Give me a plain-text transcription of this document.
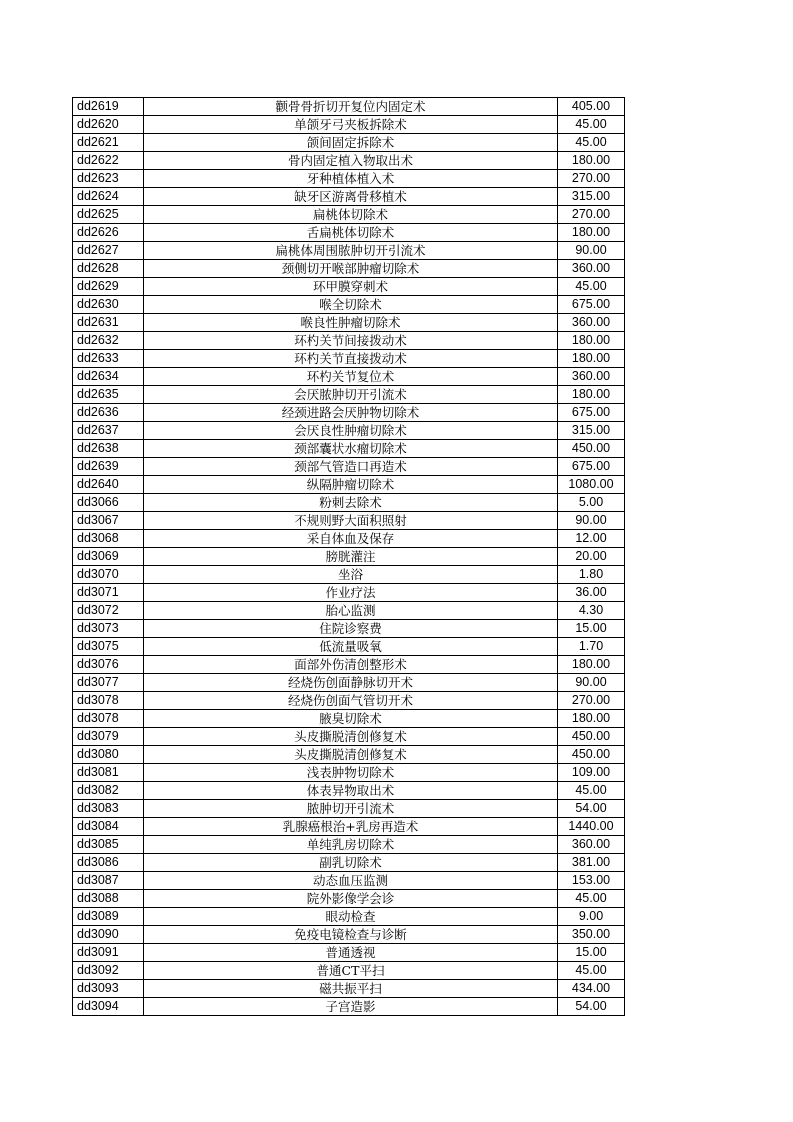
dd2619	颧骨骨折切开复位内固定术	405.00
dd2620	单颌牙弓夹板拆除术	45.00
dd2621	颌间固定拆除术	45.00
dd2622	骨内固定植入物取出术	180.00
dd2623	牙种植体植入术	270.00
dd2624	缺牙区游离骨移植术	315.00
dd2625	扁桃体切除术	270.00
dd2626	舌扁桃体切除术	180.00
dd2627	扁桃体周围脓肿切开引流术	90.00
dd2628	颈侧切开喉部肿瘤切除术	360.00
dd2629	环甲膜穿刺术	45.00
dd2630	喉全切除术	675.00
dd2631	喉良性肿瘤切除术	360.00
dd2632	环杓关节间接拨动术	180.00
dd2633	环杓关节直接拨动术	180.00
dd2634	环杓关节复位术	360.00
dd2635	会厌脓肿切开引流术	180.00
dd2636	经颈进路会厌肿物切除术	675.00
dd2637	会厌良性肿瘤切除术	315.00
dd2638	颈部囊状水瘤切除术	450.00
dd2639	颈部气管造口再造术	675.00
dd2640	纵隔肿瘤切除术	1080.00
dd3066	粉刺去除术	5.00
dd3067	不规则野大面积照射	90.00
dd3068	采自体血及保存	12.00
dd3069	膀胱灌注	20.00
dd3070	坐浴	1.80
dd3071	作业疗法	36.00
dd3072	胎心监测	4.30
dd3073	住院诊察费	15.00
dd3075	低流量吸氧	1.70
dd3076	面部外伤清创整形术	180.00
dd3077	经烧伤创面静脉切开术	90.00
dd3078	经烧伤创面气管切开术	270.00
dd3078	腋臭切除术	180.00
dd3079	头皮撕脱清创修复术	450.00
dd3080	头皮撕脱清创修复术	450.00
dd3081	浅表肿物切除术	109.00
dd3082	体表异物取出术	45.00
dd3083	脓肿切开引流术	54.00
dd3084	乳腺癌根治+乳房再造术	1440.00
dd3085	单纯乳房切除术	360.00
dd3086	副乳切除术	381.00
dd3087	动态血压监测	153.00
dd3088	院外影像学会诊	45.00
dd3089	眼动检查	9.00
dd3090	免疫电镜检查与诊断	350.00
dd3091	普通透视	15.00
dd3092	普通CT平扫	45.00
dd3093	磁共振平扫	434.00
dd3094	子宫造影	54.00
